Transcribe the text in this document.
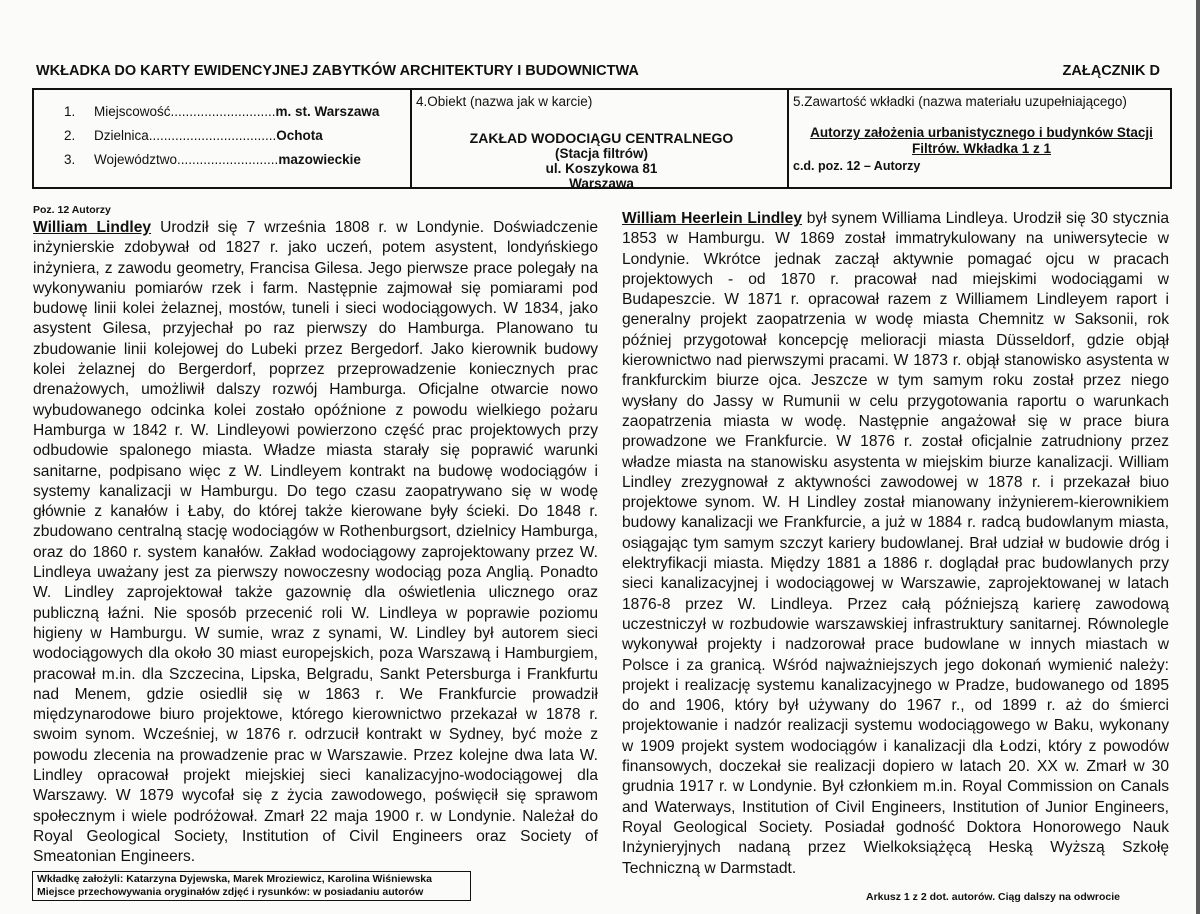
WKŁADKA DO KARTY EWIDENCYJNEJ ZABYTKÓW ARCHITEKTURY I BUDOWNICTWA	ZAŁĄCZNIK D
1.	Miejscowość............................ m. st. Warszawa
2.	Dzielnica.................................. Ochota
3.	Województwo........................... mazowieckie
4.Obiekt (nazwa jak w karcie)
ZAKŁAD WODOCIĄGU CENTRALNEGO
(Stacja filtrów)
ul. Koszykowa 81
Warszawa
5.Zawartość wkładki (nazwa materiału uzupełniającego)
Autorzy założenia urbanistycznego i budynków Stacji Filtrów. Wkładka 1 z 1
c.d. poz. 12 – Autorzy
Poz. 12 Autorzy
William Lindley Urodził się 7 września 1808 r. w Londynie. Doświadczenie inżynierskie zdobywał od 1827 r. jako uczeń, potem asystent, londyńskiego inżyniera, z zawodu geometry, Francisa Gilesa. Jego pierwsze prace polegały na wykonywaniu pomiarów rzek i farm. Następnie zajmował się pomiarami pod budowę linii kolei żelaznej, mostów, tuneli i sieci wodociągowych. W 1834, jako asystent Gilesa, przyjechał po raz pierwszy do Hamburga. Planowano tu zbudowanie linii kolejowej do Lubeki przez Bergedorf. Jako kierownik budowy kolei żelaznej do Bergerdorf, poprzez przeprowadzenie koniecznych prac drenażowych, umożliwił dalszy rozwój Hamburga. Oficjalne otwarcie nowo wybudowanego odcinka kolei zostało opóźnione z powodu wielkiego pożaru Hamburga w 1842 r. W. Lindleyowi powierzono część prac projektowych przy odbudowie spalonego miasta. Władze miasta starały się poprawić warunki sanitarne, podpisano więc z W. Lindleyem kontrakt na budowę wodociągów i systemy kanalizacji w Hamburgu. Do tego czasu zaopatrywano się w wodę głównie z kanałów i Łaby, do której także kierowane były ścieki. Do 1848 r. zbudowano centralną stację wodociągów w Rothenburgsort, dzielnicy Hamburga, oraz do 1860 r. system kanałów. Zakład wodociągowy zaprojektowany przez W. Lindleya uważany jest za pierwszy nowoczesny wodociąg poza Anglią. Ponadto W. Lindley zaprojektował także gazownię dla oświetlenia ulicznego oraz publiczną łaźni. Nie sposób przecenić roli W. Lindleya w poprawie poziomu higieny w Hamburgu. W sumie, wraz z synami, W. Lindley był autorem sieci wodociągowych dla około 30 miast europejskich, poza Warszawą i Hamburgiem, pracował m.in. dla Szczecina, Lipska, Belgradu, Sankt Petersburga i Frankfurtu nad Menem, gdzie osiedlił się w 1863 r. We Frankfurcie prowadził międzynarodowe biuro projektowe, którego kierownictwo przekazał w 1878 r. swoim synom. Wcześniej, w 1876 r. odrzucił kontrakt w Sydney, być może z powodu zlecenia na prowadzenie prac w Warszawie. Przez kolejne dwa lata W. Lindley opracował projekt miejskiej sieci kanalizacyjno-wodociągowej dla Warszawy. W 1879 wycofał się z życia zawodowego, poświęcił się sprawom społecznym i wiele podróżował. Zmarł 22 maja 1900 r. w Londynie. Należał do Royal Geological Society, Institution of Civil Engineers oraz Society of Smeatonian Engineers.
Wkładkę założyli: Katarzyna Dyjewska, Marek Mroziewicz, Karolina Wiśniewska
Miejsce przechowywania oryginałów zdjęć i rysunków: w posiadaniu autorów
William Heerlein Lindley był synem Williama Lindleya. Urodził się 30 stycznia 1853 w Hamburgu. W 1869 został immatrykulowany na uniwersytecie w Londynie. Wkrótce jednak zaczął aktywnie pomagać ojcu w pracach projektowych - od 1870 r. pracował nad miejskimi wodociągami w Budapeszcie. W 1871 r. opracował razem z Williamem Lindleyem raport i generalny projekt zaopatrzenia w wodę miasta Chemnitz w Saksonii, rok później przygotował koncepcję melioracji miasta Düsseldorf, gdzie objął kierownictwo nad pierwszymi pracami. W 1873 r. objął stanowisko asystenta w frankfurckim biurze ojca. Jeszcze w tym samym roku został przez niego wysłany do Jassy w Rumunii w celu przygotowania raportu o warunkach zaopatrzenia miasta w wodę. Następnie angażował się w prace biura prowadzone we Frankfurcie. W 1876 r. został oficjalnie zatrudniony przez władze miasta na stanowisku asystenta w miejskim biurze kanalizacji. William Lindley zrezygnował z aktywności zawodowej w 1878 r. i przekazał biuo projektowe synom. W. H Lindley został mianowany inżynierem-kierownikiem budowy kanalizacji we Frankfurcie, a już w 1884 r. radcą budowlanym miasta, osiągając tym samym szczyt kariery budowlanej. Brał udział w budowie dróg i elektryfikacji miasta. Między 1881 a 1886 r. doglądał prac budowlanych przy sieci kanalizacyjnej i wodociągowej w Warszawie, zaprojektowanej w latach 1876-8 przez W. Lindleya. Przez całą późniejszą karierę zawodową uczestniczył w rozbudowie warszawskiej infrastruktury sanitarnej. Równolegle wykonywał projekty i nadzorował prace budowlane w innych miastach w Polsce i za granicą. Wśród najważniejszych jego dokonań wymienić należy: projekt i realizację systemu kanalizacyjnego w Pradze, budowanego od 1895 do and 1906, który był używany do 1967 r., od 1899 r. aż do śmierci projektowanie i nadzór realizacji systemu wodociągowego w Baku, wykonany w 1909 projekt system wodociągów i kanalizacji dla Łodzi, który z powodów finansowych, doczekał sie realizacji dopiero w latach 20. XX w. Zmarł w 30 grudnia 1917 r. w Londynie. Był członkiem m.in. Royal Commission on Canals and Waterways, Institution of Civil Engineers, Institution of Junior Engineers, Royal Geological Society. Posiadał godność Doktora Honorowego Nauk Inżynieryjnych nadaną przez Wielkoksiążęcą Heską Wyższą Szkołę Techniczną w Darmstadt.
Arkusz 1 z 2 dot. autorów. Ciąg dalszy na odwrocie
